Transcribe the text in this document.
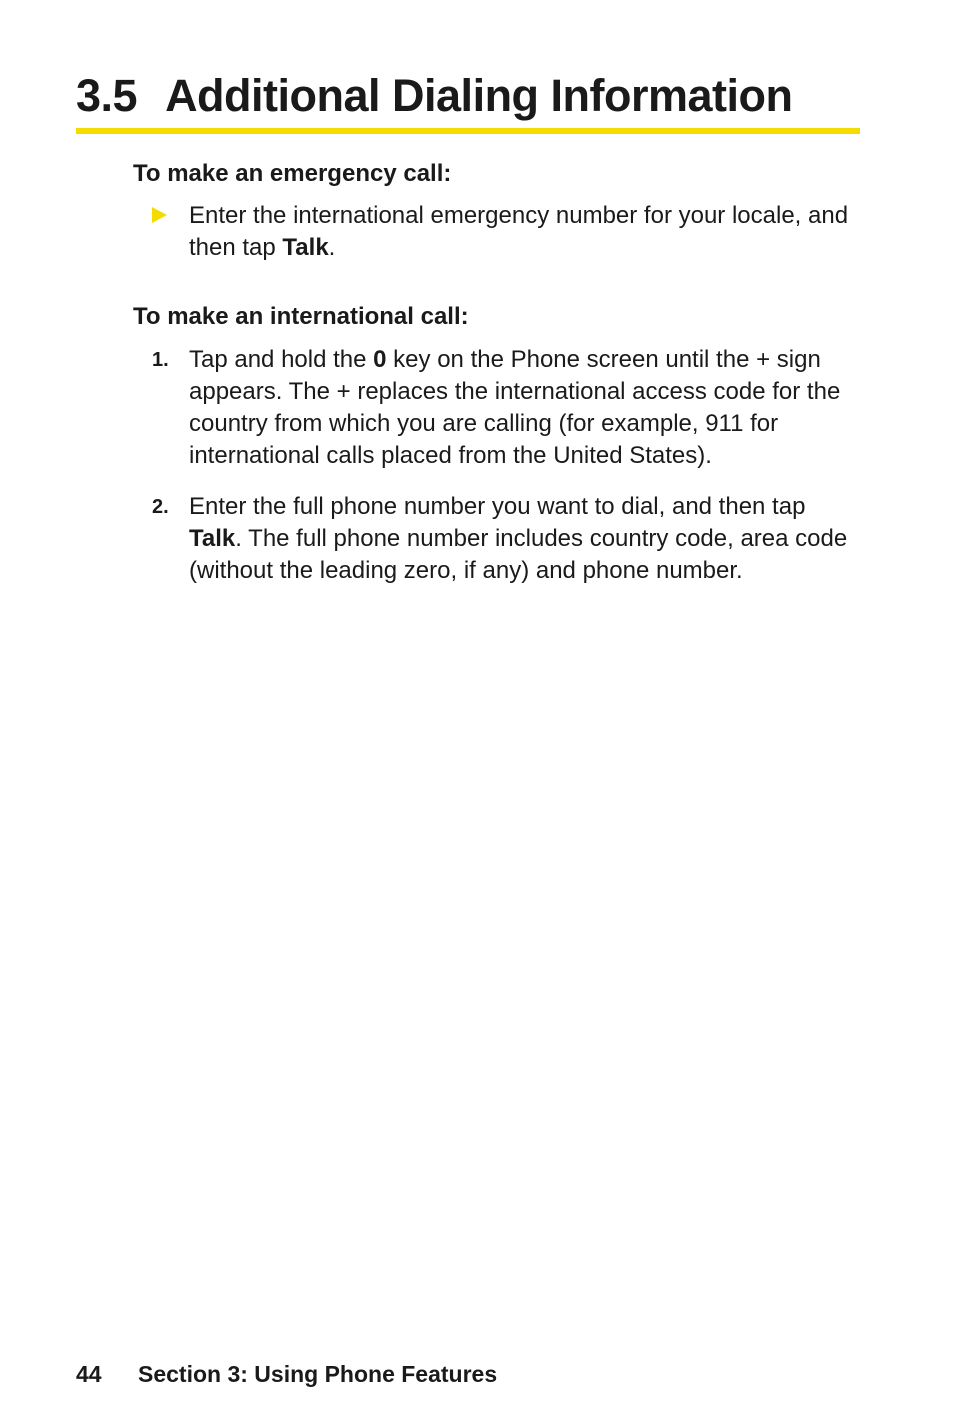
3.5 Additional Dialing Information
To make an emergency call:
Enter the international emergency number for your locale, and then tap Talk.
To make an international call:
1. Tap and hold the 0 key on the Phone screen until the + sign appears. The + replaces the international access code for the country from which you are calling (for example, 911 for international calls placed from the United States).
2. Enter the full phone number you want to dial, and then tap Talk. The full phone number includes country code, area code (without the leading zero, if any) and phone number.
44 Section 3: Using Phone Features
